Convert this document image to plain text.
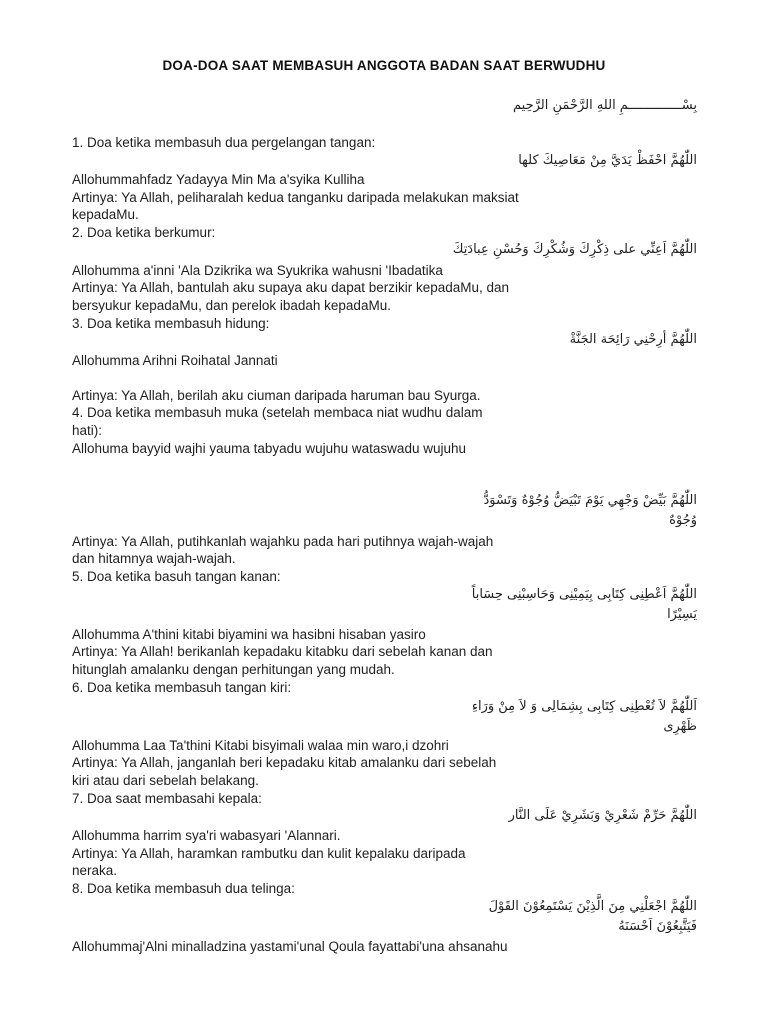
DOA-DOA SAAT MEMBASUH ANGGOTA BADAN SAAT BERWUDHU
بِسْــــــــــــــمِ اللهِ الرَّحْمَنِ الرَّحِيم
1. Doa ketika membasuh dua pergelangan tangan:
اللّٰهُمَّ احْفَظْ يَدَيَّ مِنْ مَعَاصِيكَ كلها
Allohummahfadz Yadayya Min Ma a'syika Kulliha
Artinya: Ya Allah, peliharalah kedua tanganku daripada melakukan maksiat
kepadaMu.
2. Doa ketika berkumur:
اللّٰهُمَّ اَعِنِّي على ذِكْرِكَ وَشُكْرِكَ وَحُسْنِ عِبادَتِكَ
Allohumma a'inni 'Ala Dzikrika wa Syukrika wahusni 'Ibadatika
Artinya: Ya Allah, bantulah aku supaya aku dapat berzikir kepadaMu, dan
bersyukur kepadaMu, dan perelok ibadah kepadaMu.
3. Doa ketika membasuh hidung:
اللّٰهُمَّ أرِحْنِي رَائِحَة الجَنَّةْ
Allohumma Arihni Roihatal Jannati
Artinya: Ya Allah, berilah aku ciuman daripada haruman bau Syurga.
4. Doa ketika membasuh muka (setelah membaca niat wudhu dalam
hati):
Allohuma bayyid wajhi yauma tabyadu wujuhu wataswadu wujuhu
اللّٰهُمَّ بَيِّضْ وَجْهِي يَوْمَ تَبْيَضُّ وُجُوْهٌ وَتَسْوَدُّ
وُجُوْهٌ
Artinya: Ya Allah, putihkanlah wajahku pada hari putihnya wajah-wajah
dan hitamnya wajah-wajah.
5. Doa ketika basuh tangan kanan:
اللّٰهُمَّ اَعْطِنِى كِتَابِى بِيَمِيْنِى وَحَاسِبْنِى حِسَاباً
يَسِيْرًا
Allohumma A'thini kitabi biyamini wa hasibni hisaban yasiro
Artinya: Ya Allah! berikanlah kepadaku kitabku dari sebelah kanan dan
hitunglah amalanku dengan perhitungan yang mudah.
6. Doa ketika membasuh tangan kiri:
اَللّٰهُمَّ لاَ تُعْطِنِى كِتَابِى بِشِمَالِى وَ لاَ مِنْ وَرَاءِ
ظَهْرِى
Allohumma Laa Ta'thini Kitabi bisyimali walaa min waro,i dzohri
Artinya: Ya Allah, janganlah beri kepadaku kitab amalanku dari sebelah
kiri atau dari sebelah belakang.
7. Doa saat membasahi kepala:
اللّٰهُمَّ حَرِّمْ شَعْرِيْ وَبَشَرِيْ عَلَى النَّار
Allohumma harrim sya'ri wabasyari 'Alannari.
Artinya: Ya Allah, haramkan rambutku dan kulit kepalaku daripada
neraka.
8. Doa ketika membasuh dua telinga:
اللّٰهُمَّ اجْعَلْنِي مِنَ الَّذِيْنَ يَسْتَمِعُوْنَ القَوْلَ
فَيَتَّبِعُوْنَ اَحْسَنَهُ
Allohummaj'Alni minalladzina yastami'unal Qoula fayattabi'una ahsanahu
